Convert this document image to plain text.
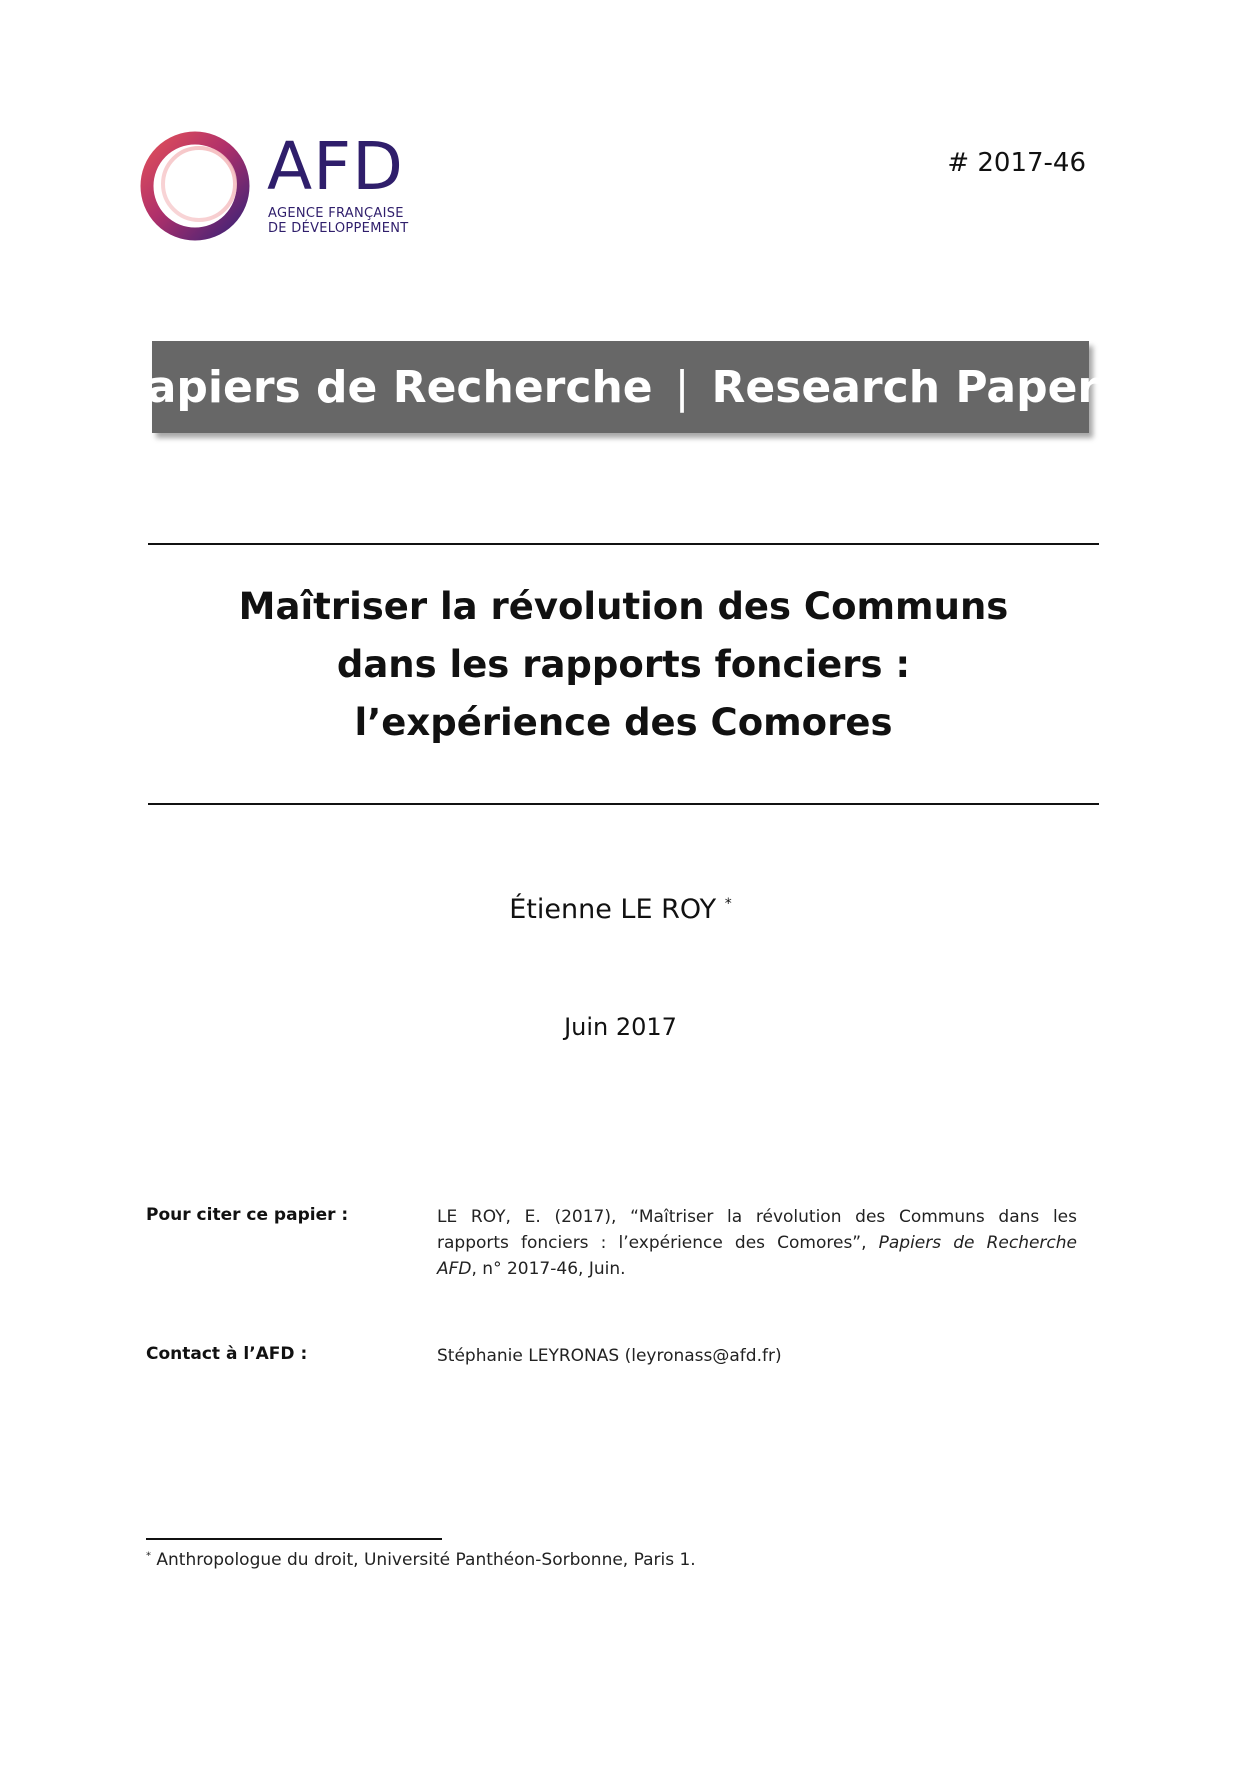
AFD
AGENCE FRANÇAISE
DE DÉVELOPPEMENT
# 2017-46
Papiers de Recherche | Research Papers
Maîtriser la révolution des Communs
dans les rapports fonciers :
l’expérience des Comores
Étienne LE ROY *
Juin 2017
Pour citer ce papier :	LE ROY, E. (2017), “Maîtriser la révolution des Communs dans les
rapports fonciers : l’expérience des Comores”, Papiers de Recherche
AFD, n° 2017-46, Juin.
Contact à l’AFD :	Stéphanie LEYRONAS (leyronass@afd.fr)
* Anthropologue du droit, Université Panthéon-Sorbonne, Paris 1.
